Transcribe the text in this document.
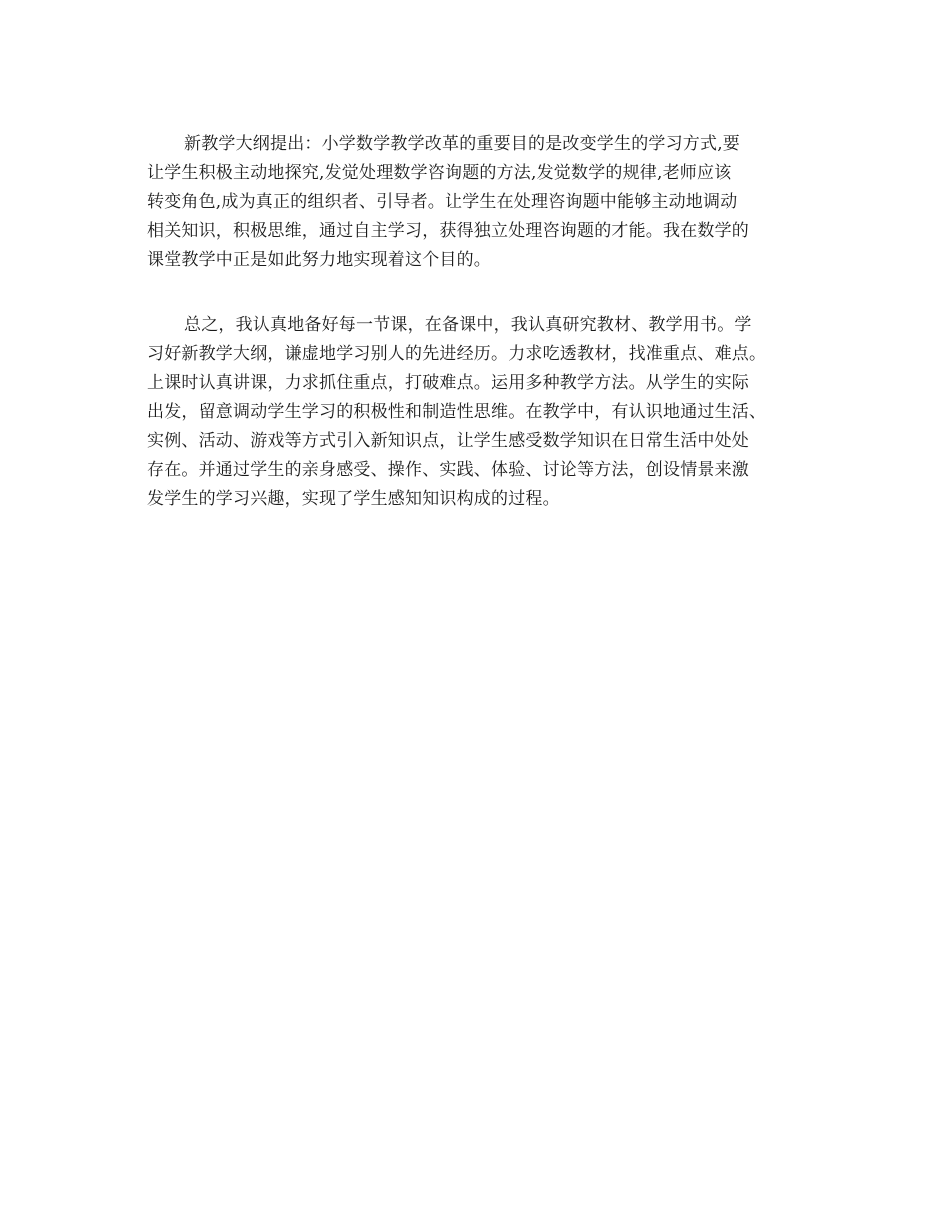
新教学大纲提出：小学数学教学改革的重要目的是改变学生的学习方式,要
让学生积极主动地探究,发觉处理数学咨询题的方法,发觉数学的规律,老师应该
转变角色,成为真正的组织者、引导者。让学生在处理咨询题中能够主动地调动
相关知识，积极思维，通过自主学习，获得独立处理咨询题的才能。我在数学的
课堂教学中正是如此努力地实现着这个目的。
总之，我认真地备好每一节课，在备课中，我认真研究教材、教学用书。学
习好新教学大纲，谦虚地学习别人的先进经历。力求吃透教材，找准重点、难点。
上课时认真讲课，力求抓住重点，打破难点。运用多种教学方法。从学生的实际
出发，留意调动学生学习的积极性和制造性思维。在教学中，有认识地通过生活、
实例、活动、游戏等方式引入新知识点，让学生感受数学知识在日常生活中处处
存在。并通过学生的亲身感受、操作、实践、体验、讨论等方法，创设情景来激
发学生的学习兴趣，实现了学生感知知识构成的过程。
